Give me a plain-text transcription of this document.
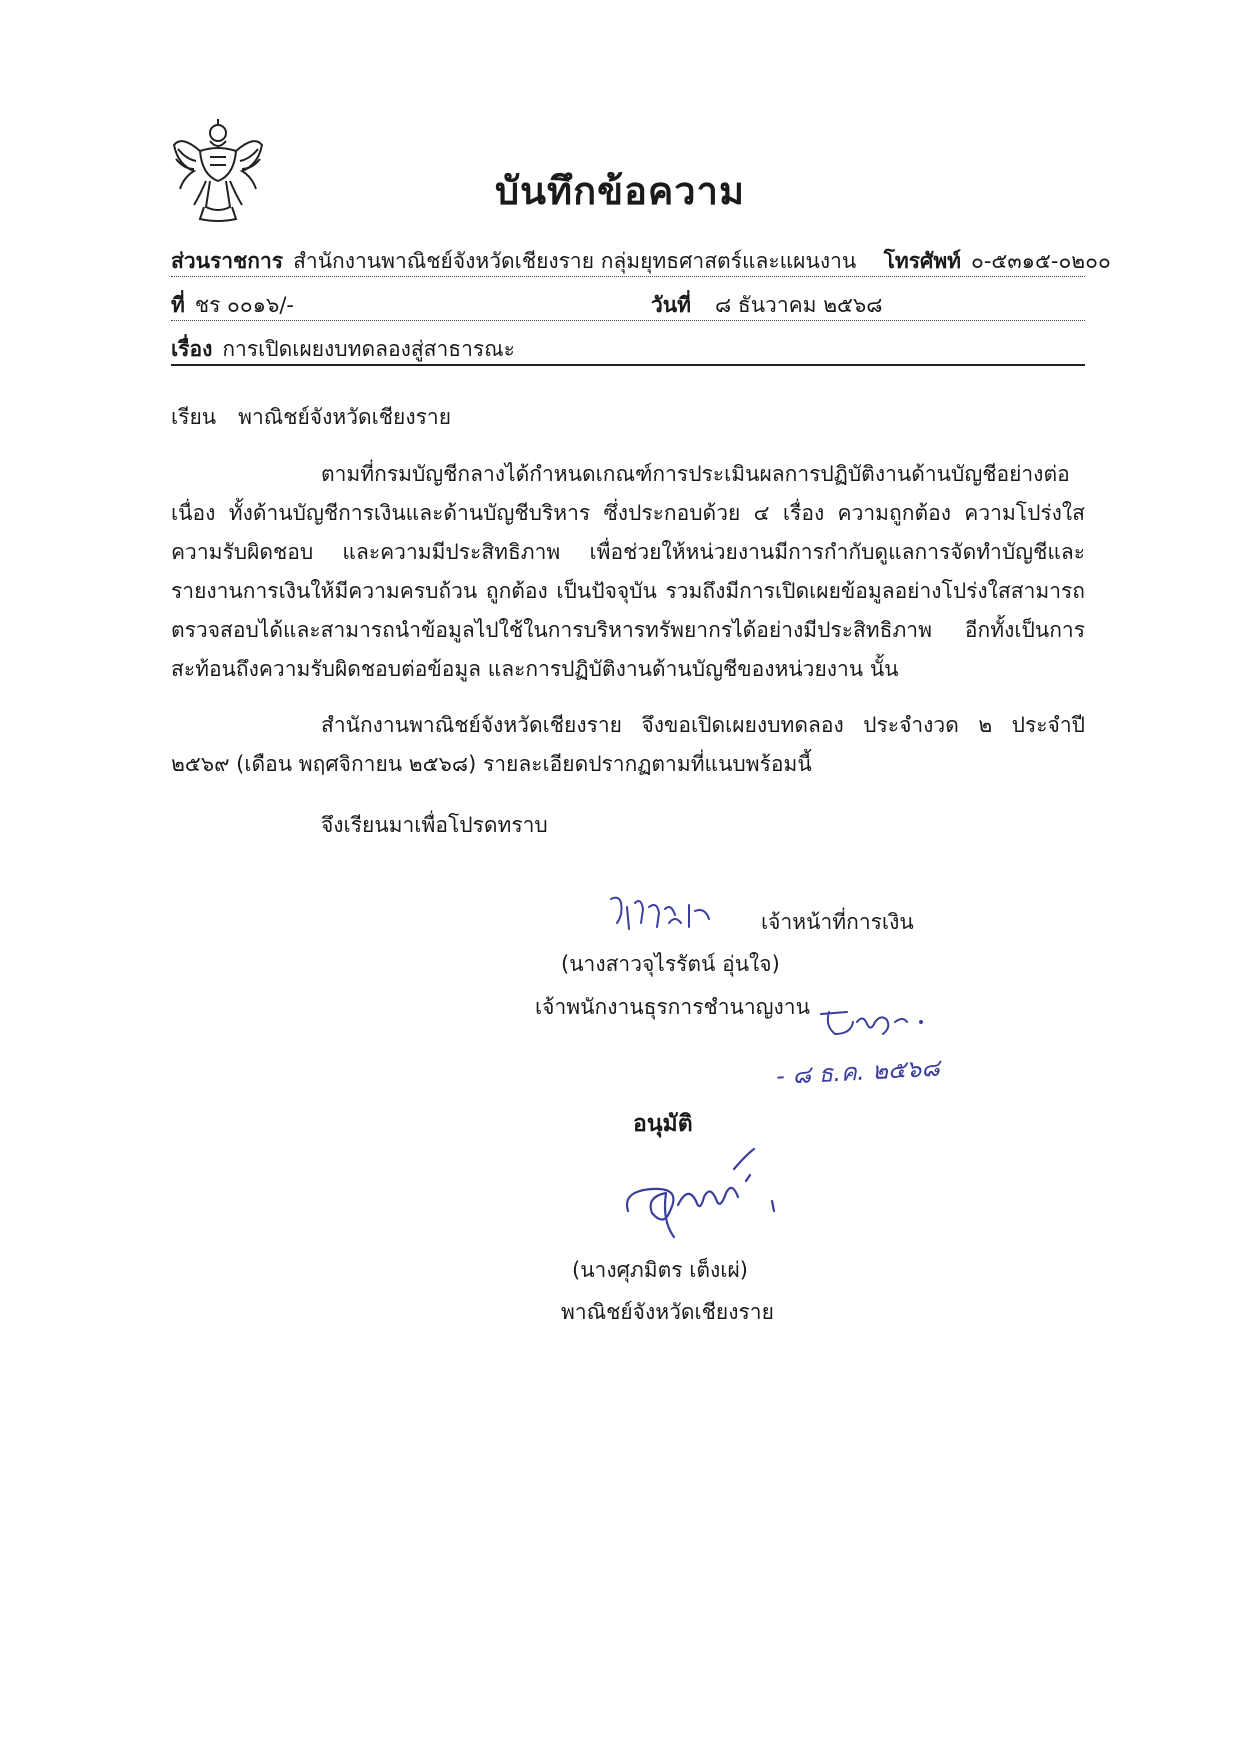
บันทึกข้อความ
ส่วนราชการ สำนักงานพาณิชย์จังหวัดเชียงราย กลุ่มยุทธศาสตร์และแผนงาน โทรศัพท์ ๐-๕๓๑๕-๐๒๐๐
ที่ ชร ๐๐๑๖/-	วันที่ ๘ ธันวาคม ๒๕๖๘
เรื่อง การเปิดเผยงบทดลองสู่สาธารณะ
เรียน พาณิชย์จังหวัดเชียงราย
ตามที่กรมบัญชีกลางได้กำหนดเกณฑ์การประเมินผลการปฏิบัติงานด้านบัญชีอย่างต่อเนื่อง ทั้งด้านบัญชีการเงินและด้านบัญชีบริหาร ซึ่งประกอบด้วย ๔ เรื่อง ความถูกต้อง ความโปร่งใส ความรับผิดชอบ และความมีประสิทธิภาพ เพื่อช่วยให้หน่วยงานมีการกำกับดูแลการจัดทำบัญชีและรายงานการเงินให้มีความครบถ้วน ถูกต้อง เป็นปัจจุบัน รวมถึงมีการเปิดเผยข้อมูลอย่างโปร่งใสสามารถตรวจสอบได้และสามารถนำข้อมูลไปใช้ในการบริหารทรัพยากรได้อย่างมีประสิทธิภาพ อีกทั้งเป็นการสะท้อนถึงความรับผิดชอบต่อข้อมูล และการปฏิบัติงานด้านบัญชีของหน่วยงาน นั้น
สำนักงานพาณิชย์จังหวัดเชียงราย จึงขอเปิดเผยงบทดลอง ประจำงวด ๒ ประจำปี ๒๕๖๙ (เดือน พฤศจิกายน ๒๕๖๘) รายละเอียดปรากฏตามที่แนบพร้อมนี้
จึงเรียนมาเพื่อโปรดทราบ
เจ้าหน้าที่การเงิน
(นางสาวจุไรรัตน์ อุ่นใจ)
เจ้าพนักงานธุรการชำนาญงาน
- ๘ ธ.ค. ๒๕๖๘
อนุมัติ
(นางศุภมิตร เต็งเผ่)
พาณิชย์จังหวัดเชียงราย
